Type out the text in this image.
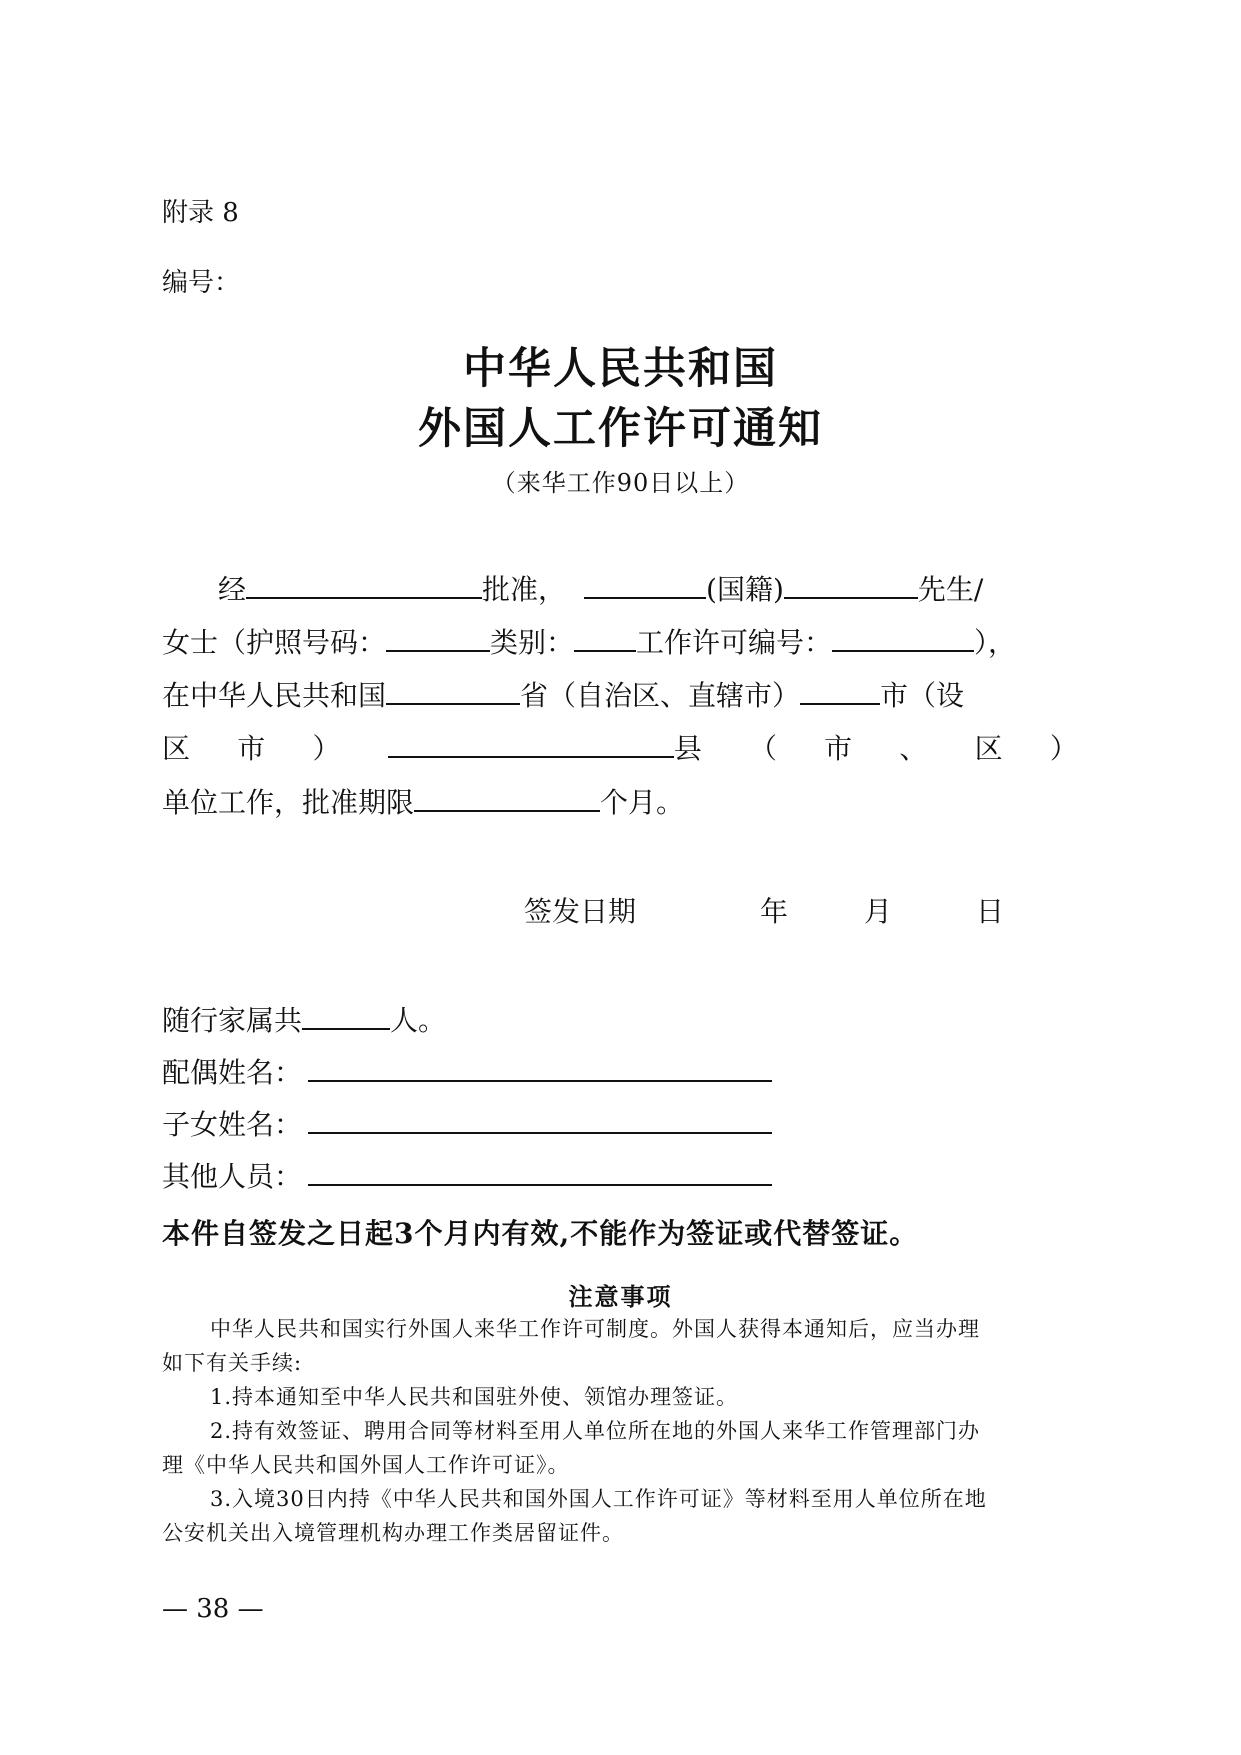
附录 8
编号：
中华人民共和国
外国人工作许可通知
（来华工作90日以上）
经	批准，	(国籍)	先生/
女士（护照号码：	类别： 工作许可编号：	），
在中华人民共和国	省（自治区、直辖市）	市（设
区 市 ）	县 （ 市 、 区 ）
单位工作，批准期限	个月。
签发日期	年	月	日
随行家属共	人。
配偶姓名：
子女姓名：
其他人员：
本件自签发之日起3个月内有效,不能作为签证或代替签证。
注意事项
中华人民共和国实行外国人来华工作许可制度。外国人获得本通知后，应当办理
如下有关手续:
1.持本通知至中华人民共和国驻外使、领馆办理签证。
2.持有效签证、聘用合同等材料至用人单位所在地的外国人来华工作管理部门办
理《中华人民共和国外国人工作许可证》。
3.入境30日内持《中华人民共和国外国人工作许可证》等材料至用人单位所在地
公安机关出入境管理机构办理工作类居留证件。
— 38 —
